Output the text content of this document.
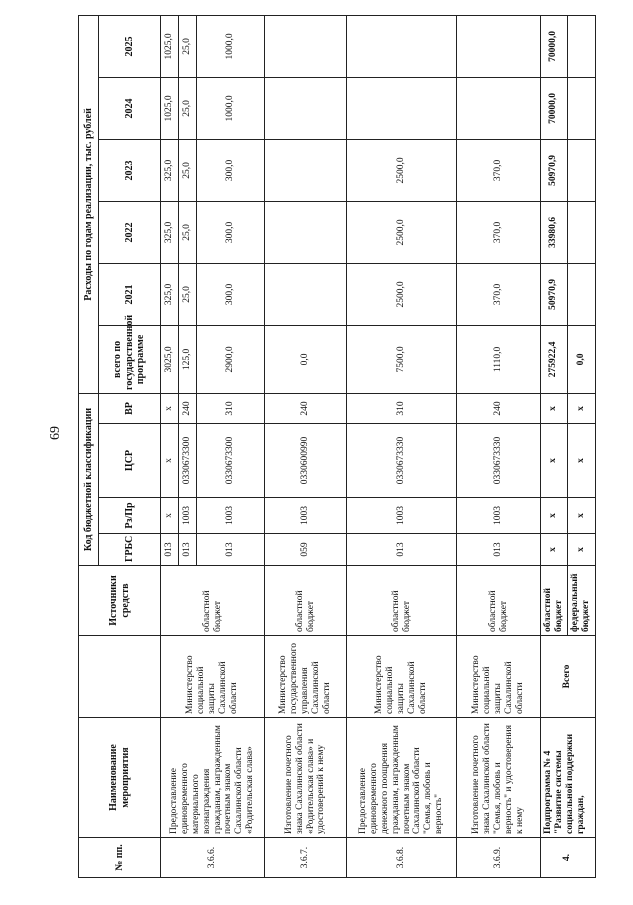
69
№ пп.	Наименование мероприятия		Источники средств	Код бюджетной классификации				Расходы по годам реализации, тыс. рублей					
				ГРБС	Рз/Пр	ЦСР	ВР	всего по государственной программе	2021	2022	2023	2024	2025
3.6.6.	Предоставление единовременного материального вознаграждения гражданам, награжденным почетным знаком Сахалинской области «Родительская слава»	Министерство социальной защиты Сахалинской области	областной бюджет	013	х	х	х	3025,0	325,0	325,0	325,0	1025,0	1025,0
				013	1003	0330673300	240	125,0	25,0	25,0	25,0	25,0	25,0
				013	1003	0330673300	310	2900,0	300,0	300,0	300,0	1000,0	1000,0
3.6.7.	Изготовление почетного знака Сахалинской области «Родительская слава» и удостоверений к нему	Министерство государственного управления Сахалинской области	областной бюджет	059	1003	0330600990	240	0,0					
3.6.8.	Предоставление единовременного денежного поощрения гражданам, награжденным почетным знаком Сахалинской области "Семья, любовь и верность"	Министерство социальной защиты Сахалинской области	областной бюджет	013	1003	0330673330	310	7500,0	2500,0	2500,0	2500,0		
3.6.9.	Изготовление почетного знака Сахалинской области "Семья, любовь и верность" и удостоверения к нему	Министерство социальной защиты Сахалинской области	областной бюджет	013	1003	0330673330	240	1110,0	370,0	370,0	370,0		
4.	Подпрограмма № 4 "Развитие системы социальной поддержки граждан,	Всего	областной бюджет	х	х	х	х	275922,4	50970,9	33980,6	50970,9	70000,0	70000,0
			федеральный бюджет	х	х	х	х	0,0					
